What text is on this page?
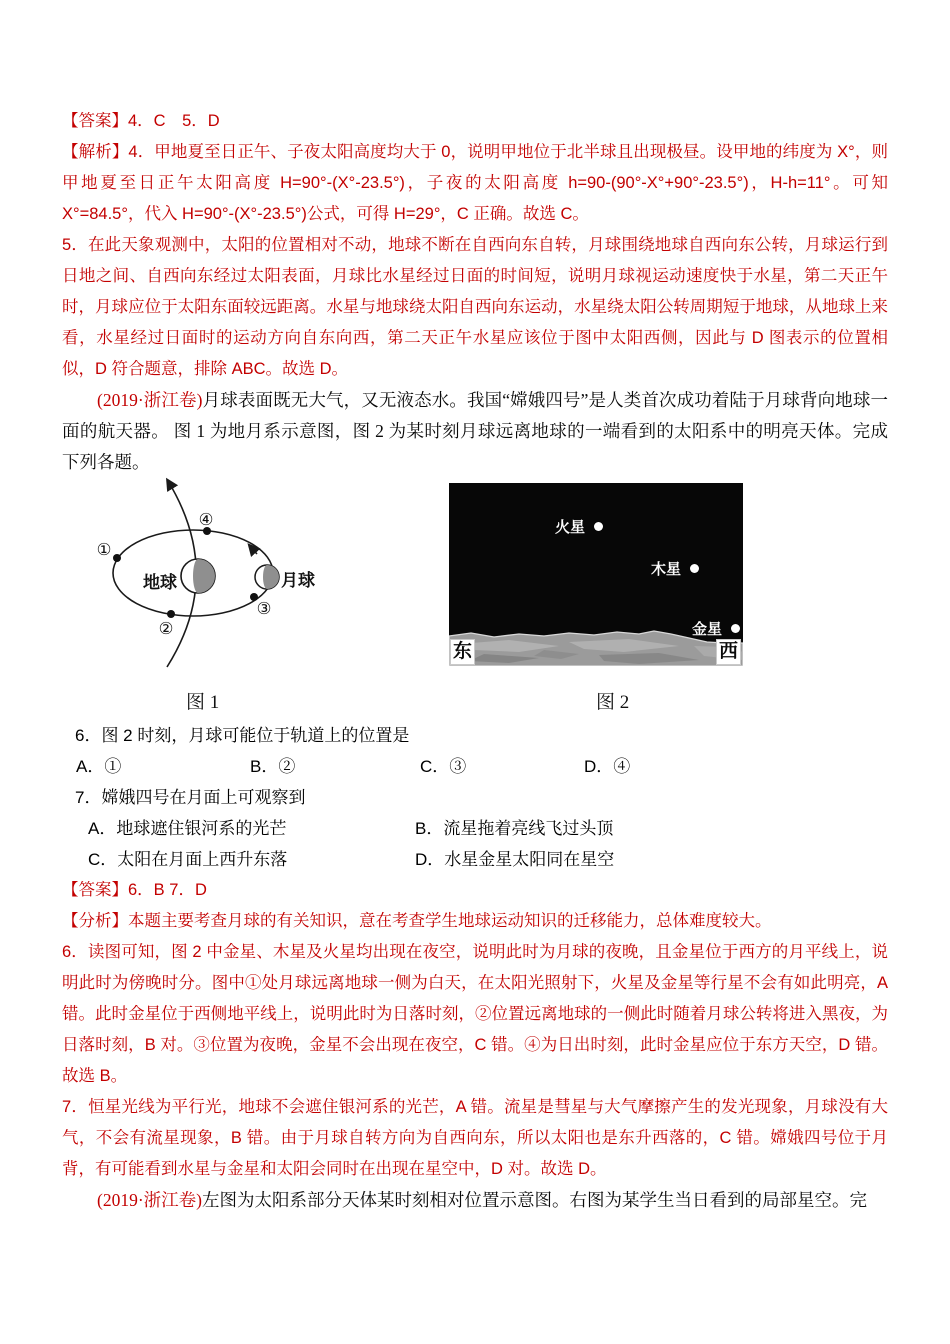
【答案】4．C　5．D

【解析】4．甲地夏至日正午、子夜太阳高度均大于 0，说明甲地位于北半球且出现极昼。设甲地的纬度为 X°，则甲地夏至日正午太阳高度 H=90°-(X°-23.5°)，子夜的太阳高度 h=90-(90°-X°+90°-23.5°)，H-h=11°。可知 X°=84.5°，代入 H=90°-(X°-23.5°)公式，可得 H=29°，C 正确。故选 C。

5．在此天象观测中，太阳的位置相对不动，地球不断在自西向东自转，月球围绕地球自西向东公转，月球运行到日地之间、自西向东经过太阳表面，月球比水星经过日面的时间短，说明月球视运动速度快于水星，第二天正午时，月球应位于太阳东面较远距离。水星与地球绕太阳自西向东运动，水星绕太阳公转周期短于地球，从地球上来看，水星经过日面时的运动方向自东向西，第二天正午水星应该位于图中太阳西侧，因此与 D 图表示的位置相似，D 符合题意，排除 ABC。故选 D。

(2019·浙江卷)月球表面既无大气，又无液态水。我国“嫦娥四号”是人类首次成功着陆于月球背向地球一面的航天器。 图 1 为地月系示意图，图 2 为某时刻月球远离地球的一端看到的太阳系中的明亮天体。完成下列各题。

①
②
③
④
地球	月球
火星
木星
金星
东	西
图 1	图 2

6．图 2 时刻，月球可能位于轨道上的位置是

A．①	B．②	C．③	D．④

7．嫦娥四号在月面上可观察到

A．地球遮住银河系的光芒	B．流星拖着亮线飞过头顶
C．太阳在月面上西升东落	D．水星金星太阳同在星空

【答案】6．B 7．D

【分析】本题主要考查月球的有关知识，意在考查学生地球运动知识的迁移能力，总体难度较大。

6．读图可知，图 2 中金星、木星及火星均出现在夜空，说明此时为月球的夜晚，且金星位于西方的月平线上，说明此时为傍晚时分。图中①处月球远离地球一侧为白天，在太阳光照射下，火星及金星等行星不会有如此明亮，A 错。此时金星位于西侧地平线上，说明此时为日落时刻，②位置远离地球的一侧此时随着月球公转将进入黑夜，为日落时刻，B 对。③位置为夜晚，金星不会出现在夜空，C 错。④为日出时刻，此时金星应位于东方天空，D 错。故选 B。

7．恒星光线为平行光，地球不会遮住银河系的光芒，A 错。流星是彗星与大气摩擦产生的发光现象，月球没有大气，不会有流星现象，B 错。由于月球自转方向为自西向东，所以太阳也是东升西落的，C 错。嫦娥四号位于月背，有可能看到水星与金星和太阳会同时在出现在星空中，D 对。故选 D。

(2019·浙江卷)左图为太阳系部分天体某时刻相对位置示意图。右图为某学生当日看到的局部星空。完
